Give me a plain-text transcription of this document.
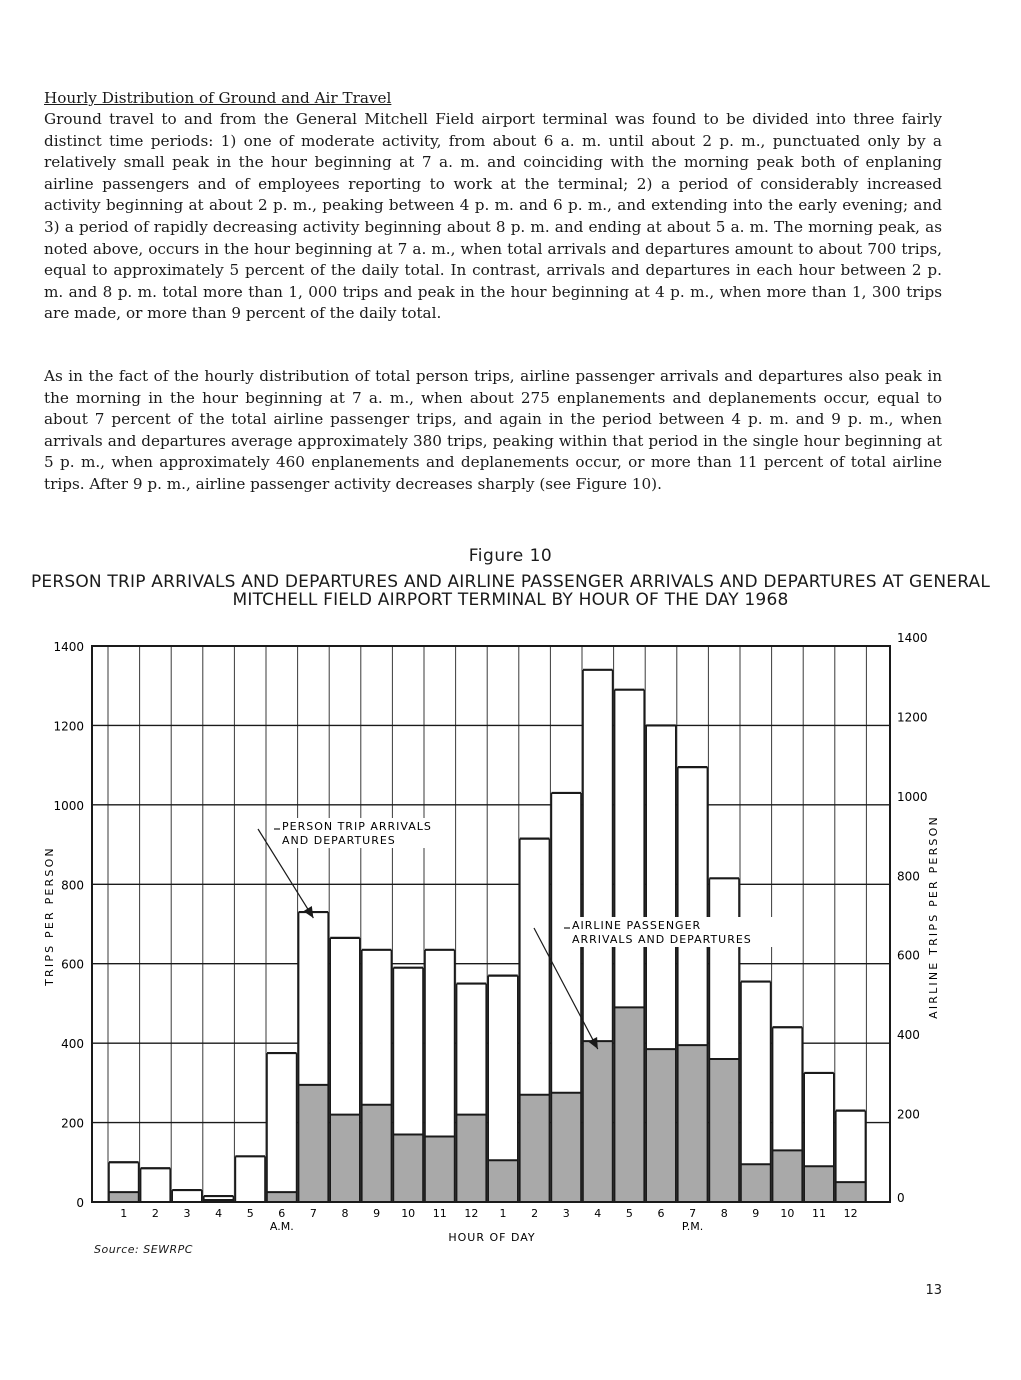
Hourly Distribution of Ground and Air Travel
Ground travel to and from the General Mitchell Field airport terminal was found to be divided into three fairly distinct time periods: 1) one of moderate activity, from about 6 a. m. until about 2 p. m., punctuated only by a relatively small peak in the hour beginning at 7 a. m. and coinciding with the morning peak both of enplaning airline passengers and of employees reporting to work at the terminal; 2) a period of considerably increased activity beginning at about 2 p. m., peaking between 4 p. m. and 6 p. m., and extending into the early evening; and 3) a period of rapidly decreasing activity beginning about 8 p. m. and ending at about 5 a. m. The morning peak, as noted above, occurs in the hour beginning at 7 a. m., when total arrivals and departures amount to about 700 trips, equal to approximately 5 percent of the daily total. In contrast, arrivals and departures in each hour between 2 p. m. and 8 p. m. total more than 1, 000 trips and peak in the hour beginning at 4 p. m., when more than 1, 300 trips are made, or more than 9 percent of the daily total.
As in the fact of the hourly distribution of total person trips, airline passenger arrivals and departures also peak in the morning in the hour beginning at 7 a. m., when about 275 enplanements and deplanements occur, equal to about 7 percent of the total airline passenger trips, and again in the period between 4 p. m. and 9 p. m., when arrivals and departures average approximately 380 trips, peaking within that period in the single hour beginning at 5 p. m., when approximately 460 enplanements and deplanements occur, or more than 11 percent of total airline trips. After 9 p. m., airline passenger activity decreases sharply (see Figure 10).
Figure 10
PERSON TRIP ARRIVALS AND DEPARTURES AND AIRLINE PASSENGER ARRIVALS AND DEPARTURES AT GENERAL MITCHELL FIELD AIRPORT TERMINAL BY HOUR OF THE DAY 1968
0	0
200
200
400
400
600
600
800
800
1000
1000
1200
1200
1400
1400
1 2 3 4 5 6 7 8 9 10 11 12 1 2 3 4 5 6 7 8 9 10 11 12
A.M.	P.M.
HOUR OF DAY
TRIPS PER PERSON	AIRLINE TRIPS PER PERSON
PERSON TRIP ARRIVALS AND DEPARTURES
AIRLINE PASSENGER ARRIVALS AND DEPARTURES
Source: SEWRPC
13
